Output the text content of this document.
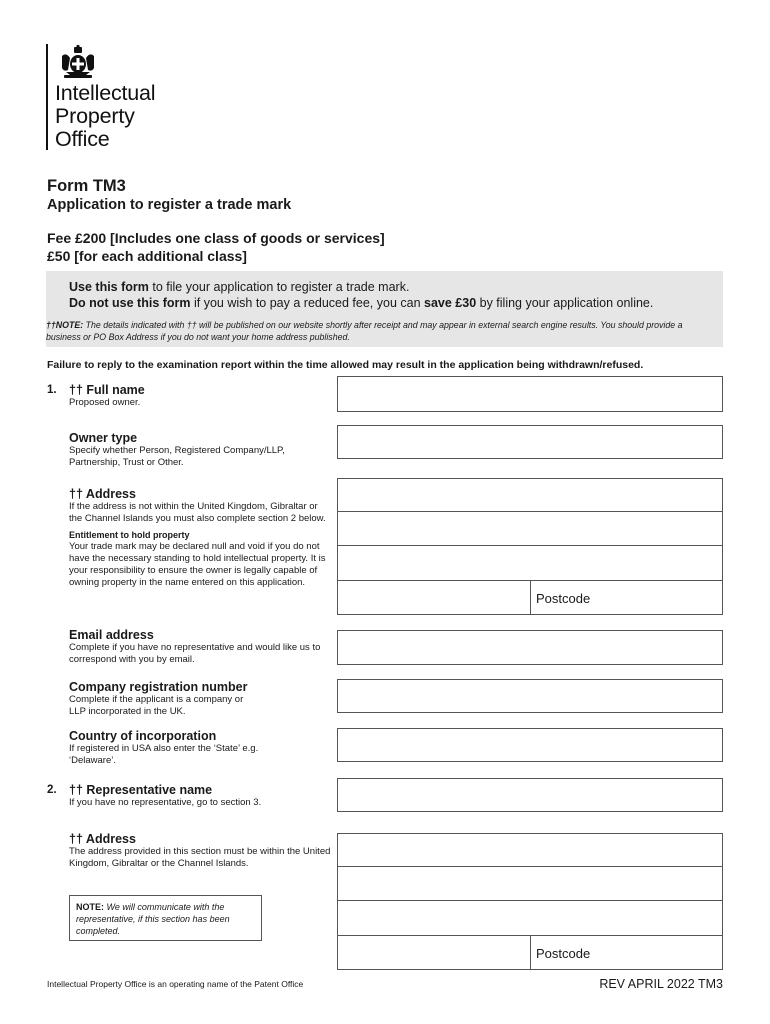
Intellectual
Property
Office
Form TM3
Application to register a trade mark
Fee £200 [Includes one class of goods or services]
£50 [for each additional class]
Use this form to file your application to register a trade mark.
Do not use this form if you wish to pay a reduced fee, you can save £30 by filing your application online.
††NOTE: The details indicated with †† will be published on our website shortly after receipt and may appear in external search engine results. You should provide a business or PO Box Address if you do not want your home address published.
Failure to reply to the examination report within the time allowed may result in the application being withdrawn/refused.
1. †† Full name
Proposed owner.
Owner type
Specify whether Person, Registered Company/LLP, Partnership, Trust or Other.
†† Address
If the address is not within the United Kingdom, Gibraltar or the Channel Islands you must also complete section 2 below.
Entitlement to hold property
Your trade mark may be declared null and void if you do not have the necessary standing to hold intellectual property. It is your responsibility to ensure the owner is legally capable of owning property in the name entered on this application.
Postcode
Email address
Complete if you have no representative and would like us to correspond with you by email.
Company registration number
Complete if the applicant is a company or LLP incorporated in the UK.
Country of incorporation
If registered in USA also enter the ‘State’ e.g. ‘Delaware’.
2. †† Representative name
If you have no representative, go to section 3.
†† Address
The address provided in this section must be within the United Kingdom, Gibraltar or the Channel Islands.
Postcode
NOTE: We will communicate with the representative, if this section has been completed.
Intellectual Property Office is an operating name of the Patent Office	REV APRIL 2022 TM3
